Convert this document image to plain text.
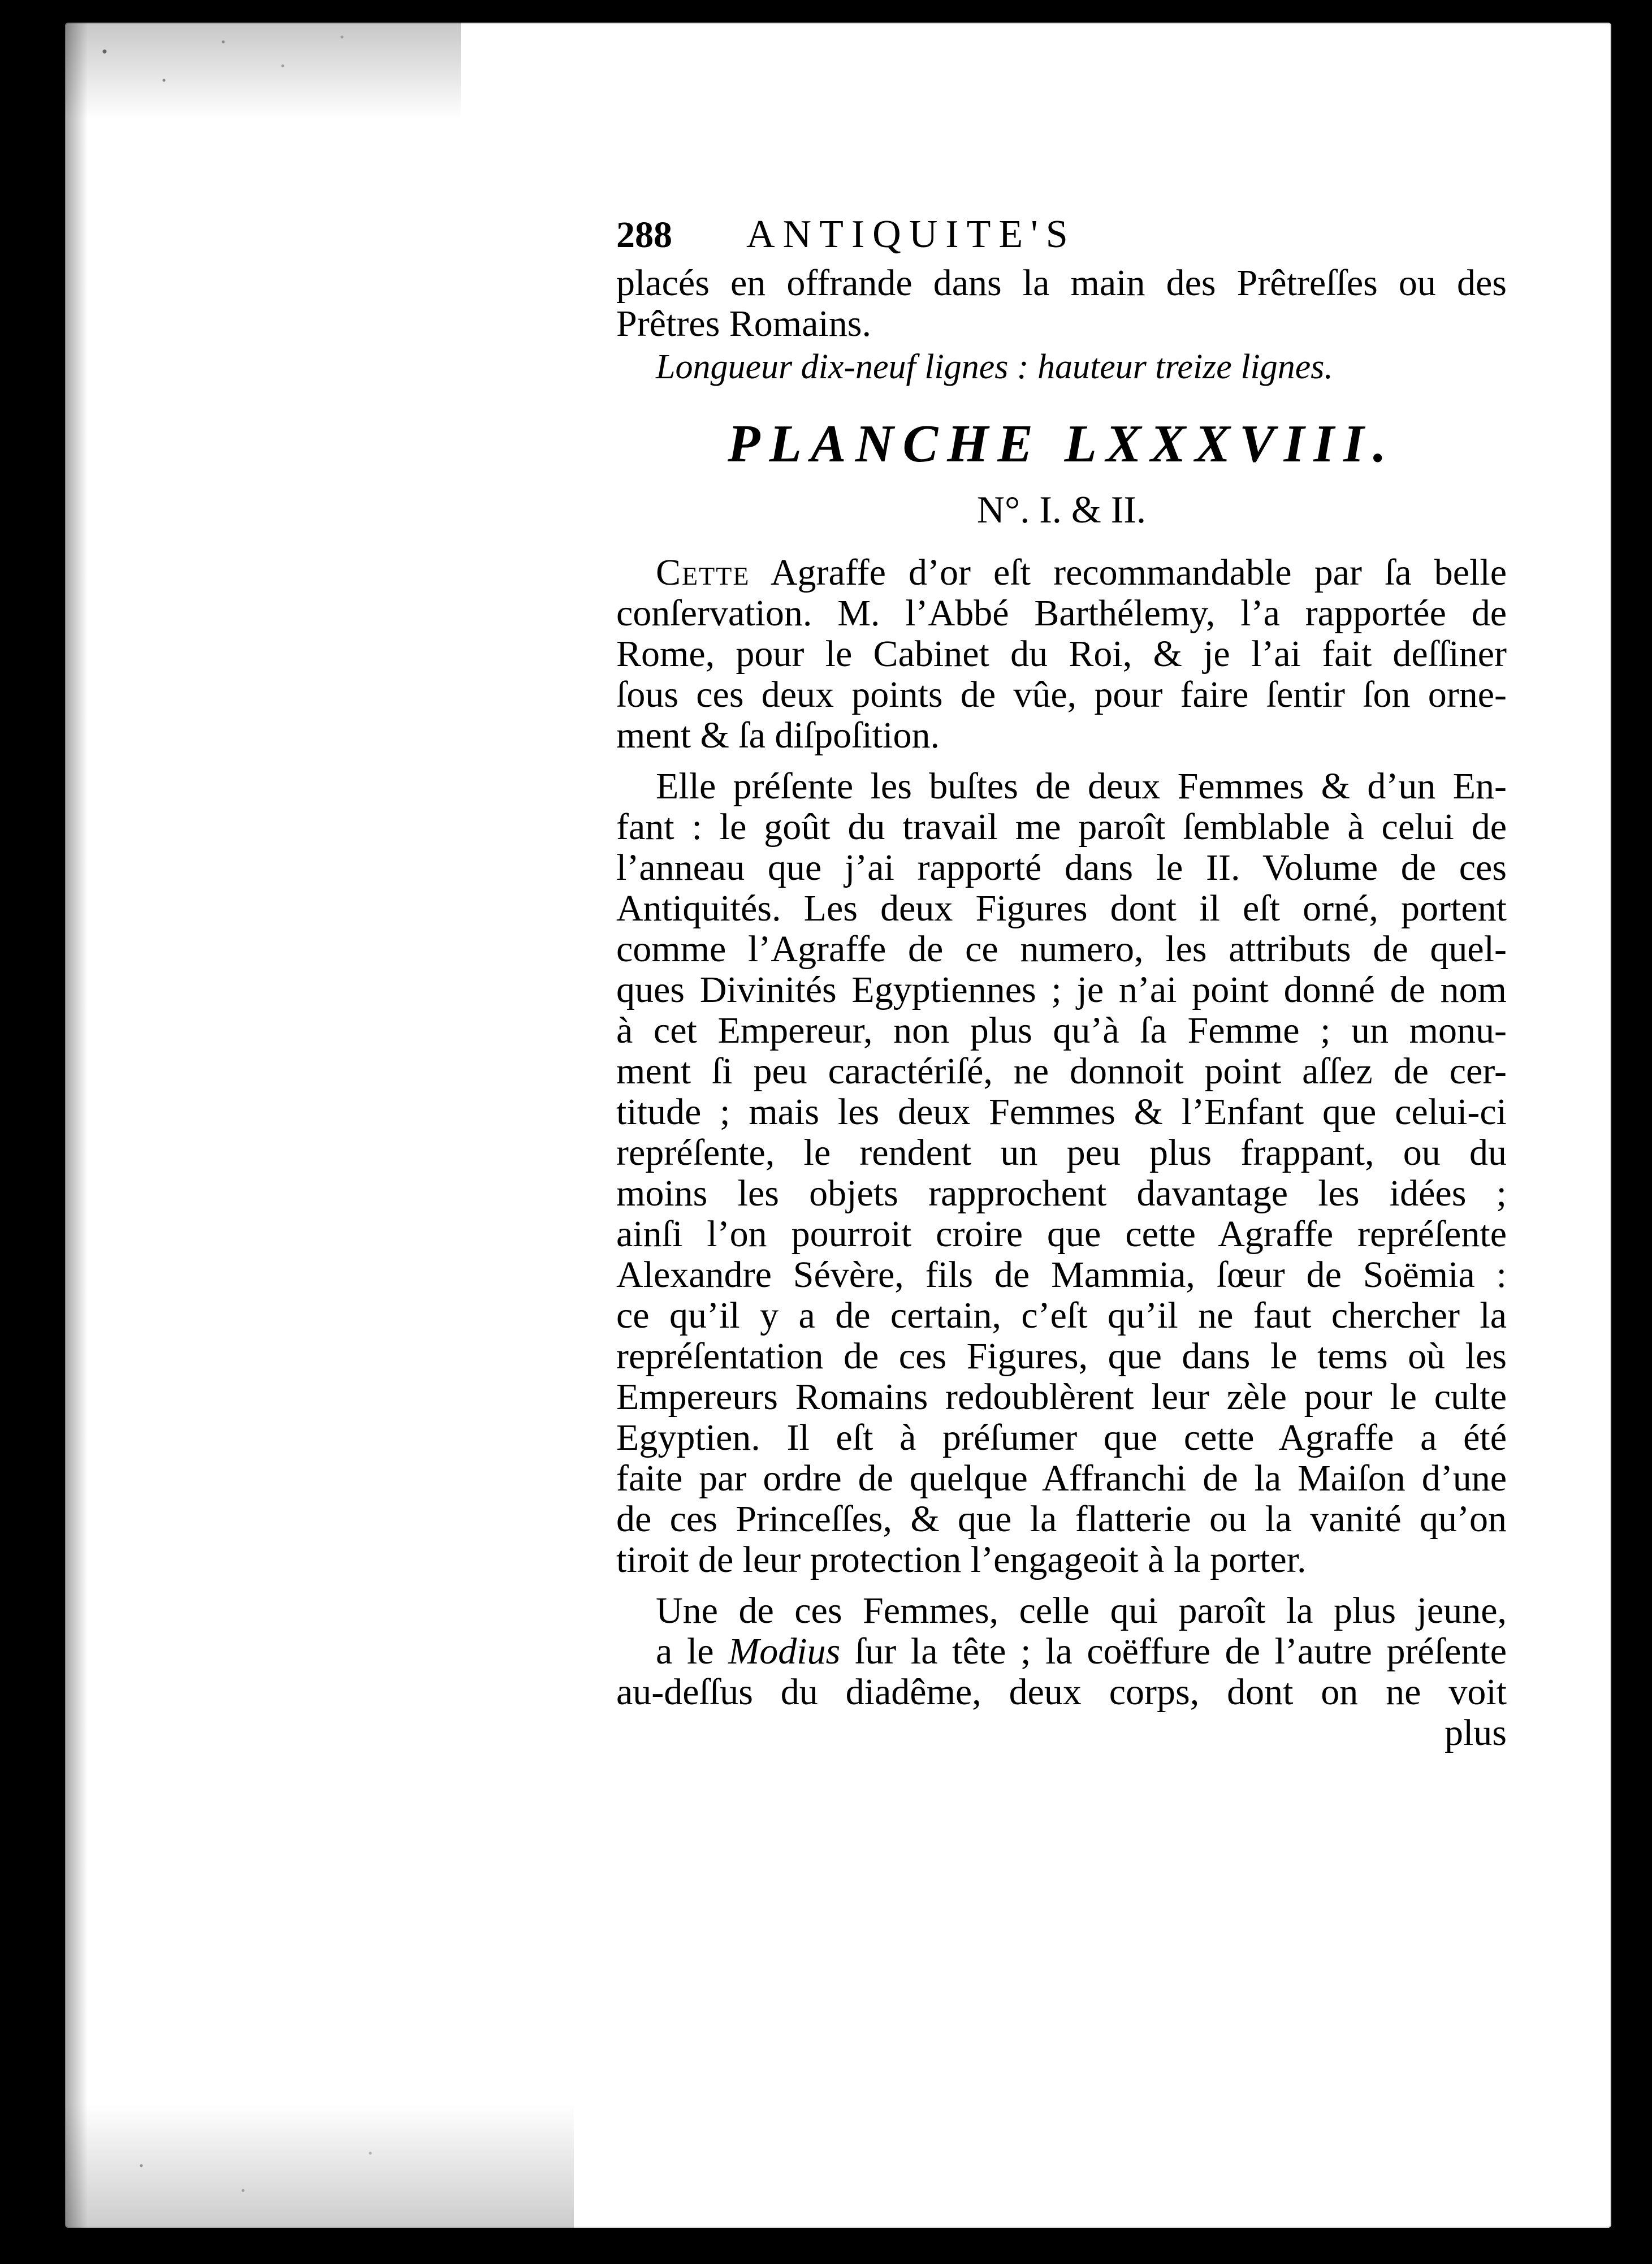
288	ANTIQUITE'S
placés en offrande dans la main des Prêtreſſes ou des
Prêtres Romains.
Longueur dix-neuf lignes : hauteur treize lignes.
PLANCHE LXXXVIII.
N°. I. & II.
Cette Agraffe d’or eſt recommandable par ſa belle
conſervation. M. l’Abbé Barthélemy, l’a rapportée de
Rome, pour le Cabinet du Roi, & je l’ai fait deſſiner
ſous ces deux points de vûe, pour faire ſentir ſon orne-
ment & ſa diſpoſition.
Elle préſente les buſtes de deux Femmes & d’un En-
fant : le goût du travail me paroît ſemblable à celui de
l’anneau que j’ai rapporté dans le II. Volume de ces
Antiquités. Les deux Figures dont il eſt orné, portent
comme l’Agraffe de ce numero, les attributs de quel-
ques Divinités Egyptiennes ; je n’ai point donné de nom
à cet Empereur, non plus qu’à ſa Femme ; un monu-
ment ſi peu caractériſé, ne donnoit point aſſez de cer-
titude ; mais les deux Femmes & l’Enfant que celui-ci
repréſente, le rendent un peu plus frappant, ou du
moins les objets rapprochent davantage les idées ;
ainſi l’on pourroit croire que cette Agraffe repréſente
Alexandre Sévère, fils de Mammia, ſœur de Soëmia :
ce qu’il y a de certain, c’eſt qu’il ne faut chercher la
repréſentation de ces Figures, que dans le tems où les
Empereurs Romains redoublèrent leur zèle pour le culte
Egyptien. Il eſt à préſumer que cette Agraffe a été
faite par ordre de quelque Affranchi de la Maiſon d’une
de ces Princeſſes, & que la flatterie ou la vanité qu’on
tiroit de leur protection l’engageoit à la porter.
Une de ces Femmes, celle qui paroît la plus jeune,
a le Modius ſur la tête ; la coëffure de l’autre préſente
au-deſſus du diadême, deux corps, dont on ne voit
plus
